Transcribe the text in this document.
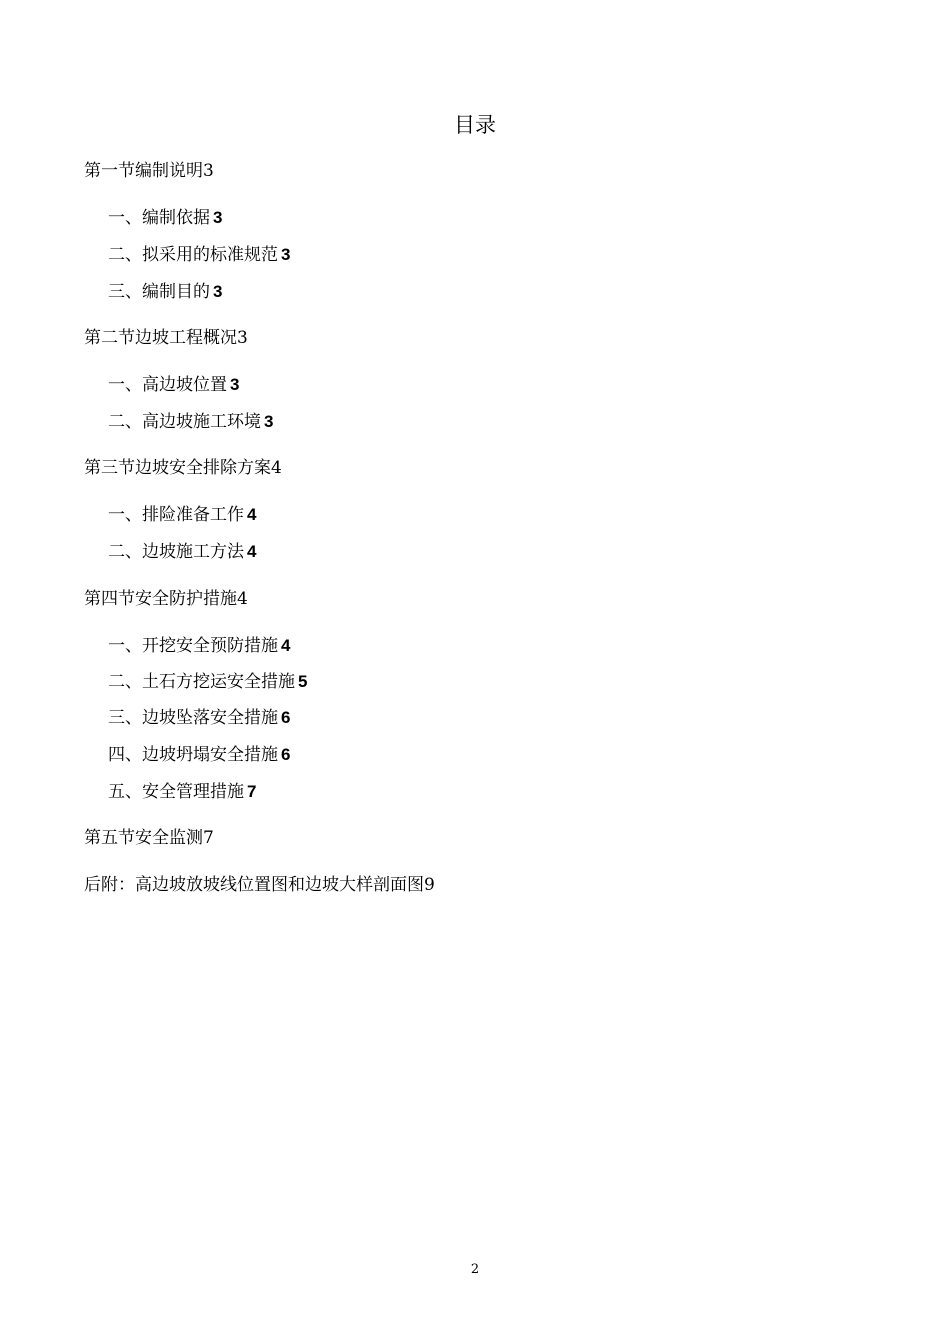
目录
第一节编制说明3
一、编制依据 3
二、拟采用的标准规范 3
三、编制目的 3
第二节边坡工程概况3
一、高边坡位置 3
二、高边坡施工环境 3
第三节边坡安全排除方案4
一、排险准备工作 4
二、边坡施工方法 4
第四节安全防护措施4
一、开挖安全预防措施 4
二、土石方挖运安全措施 5
三、边坡坠落安全措施 6
四、边坡坍塌安全措施 6
五、安全管理措施 7
第五节安全监测7
后附：高边坡放坡线位置图和边坡大样剖面图9
2
